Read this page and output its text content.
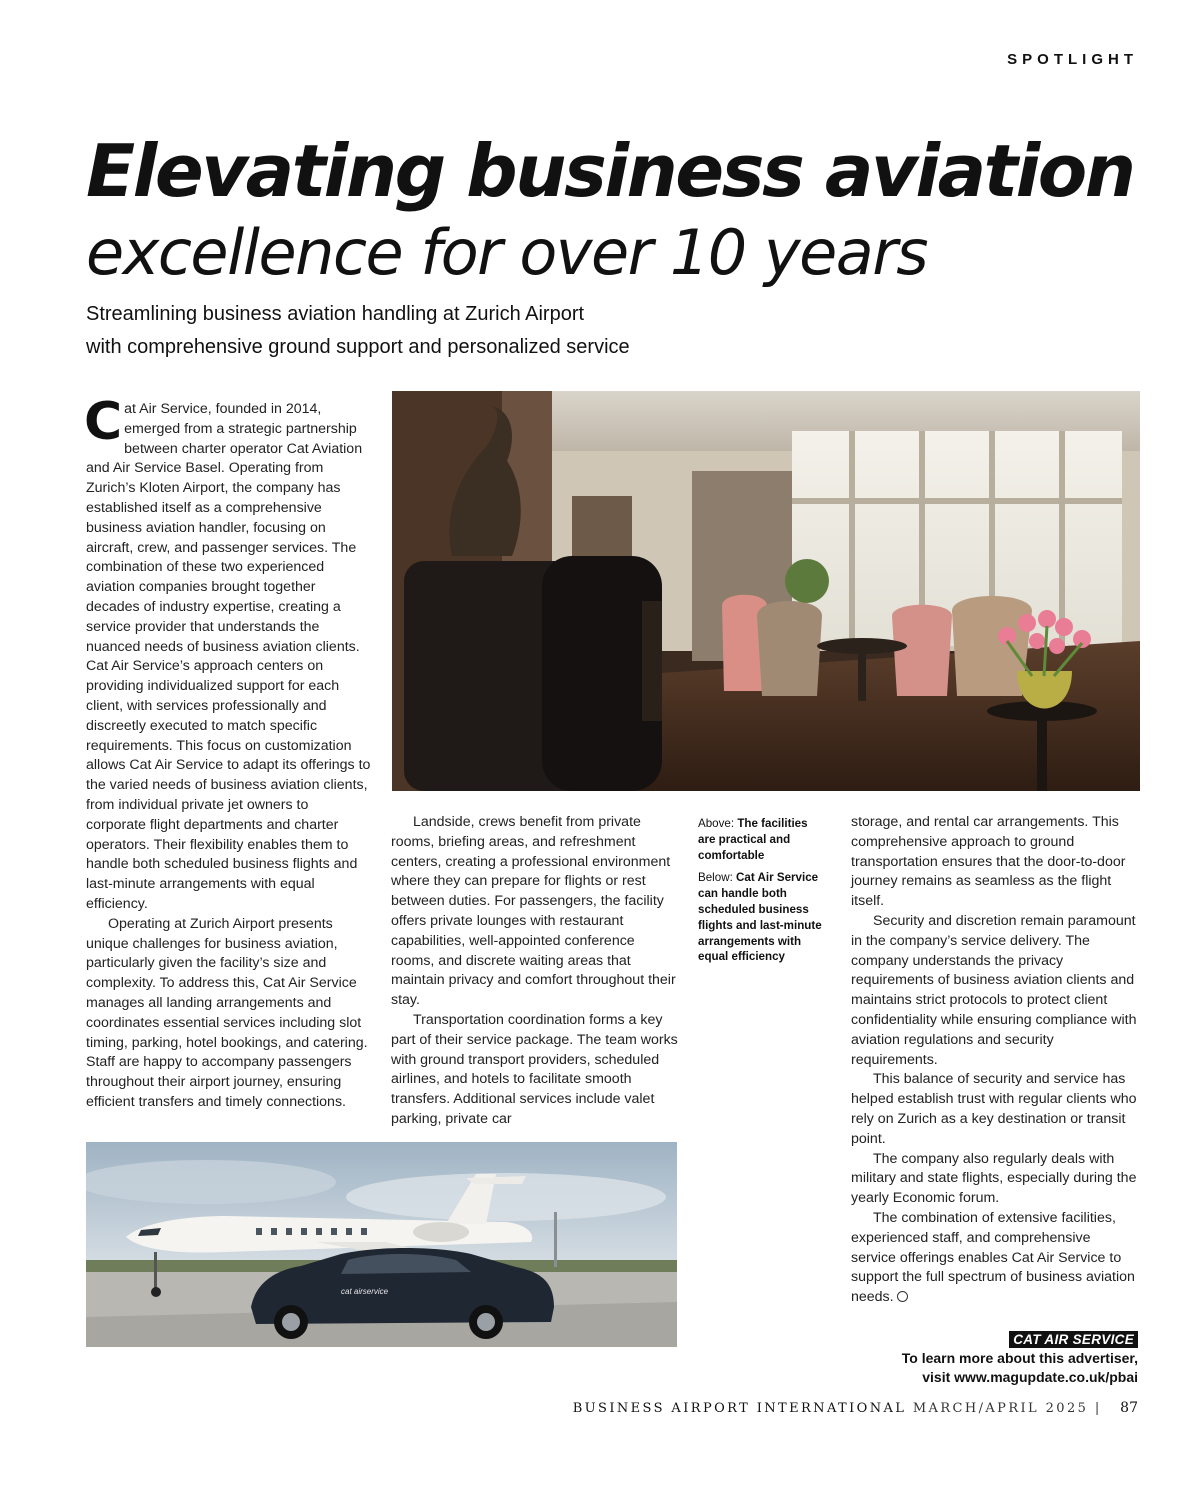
SPOTLIGHT
Elevating business aviation
excellence for over 10 years
Streamlining business aviation handling at Zurich Airport
with comprehensive ground support and personalized service

Cat Air Service, founded in 2014, emerged from a strategic partnership between charter operator Cat Aviation and Air Service Basel. Operating from Zurich’s Kloten Airport, the company has established itself as a comprehensive business aviation handler, focusing on aircraft, crew, and passenger services. The combination of these two experienced aviation companies brought together decades of industry expertise, creating a service provider that understands the nuanced needs of business aviation clients. Cat Air Service’s approach centers on providing individualized support for each client, with services professionally and discreetly executed to match specific requirements. This focus on customization allows Cat Air Service to adapt its offerings to the varied needs of business aviation clients, from individual private jet owners to corporate flight departments and charter operators. Their flexibility enables them to handle both scheduled business flights and last-minute arrangements with equal efficiency.

Operating at Zurich Airport presents unique challenges for business aviation, particularly given the facility’s size and complexity. To address this, Cat Air Service manages all landing arrangements and coordinates essential services including slot timing, parking, hotel bookings, and catering. Staff are happy to accompany passengers throughout their airport journey, ensuring efficient transfers and timely connections.

Landside, crews benefit from private rooms, briefing areas, and refreshment centers, creating a professional environment where they can prepare for flights or rest between duties. For passengers, the facility offers private lounges with restaurant capabilities, well-appointed conference rooms, and discrete waiting areas that maintain privacy and comfort throughout their stay.

Transportation coordination forms a key part of their service package. The team works with ground transport providers, scheduled airlines, and hotels to facilitate smooth transfers. Additional services include valet parking, private car

Above: The facilities are practical and comfortable
Below: Cat Air Service can handle both scheduled business flights and last-minute arrangements with equal efficiency

storage, and rental car arrangements. This comprehensive approach to ground transportation ensures that the door-to-door journey remains as seamless as the flight itself.

Security and discretion remain paramount in the company’s service delivery. The company understands the privacy requirements of business aviation clients and maintains strict protocols to protect client confidentiality while ensuring compliance with aviation regulations and security requirements.

This balance of security and service has helped establish trust with regular clients who rely on Zurich as a key destination or transit point.

The company also regularly deals with military and state flights, especially during the yearly Economic forum.

The combination of extensive facilities, experienced staff, and comprehensive service offerings enables Cat Air Service to support the full spectrum of business aviation needs.

cat airservice
CAT AIR SERVICE
To learn more about this advertiser,
visit www.magupdate.co.uk/pbai
BUSINESS AIRPORT INTERNATIONAL MARCH/APRIL 2025 | 87
